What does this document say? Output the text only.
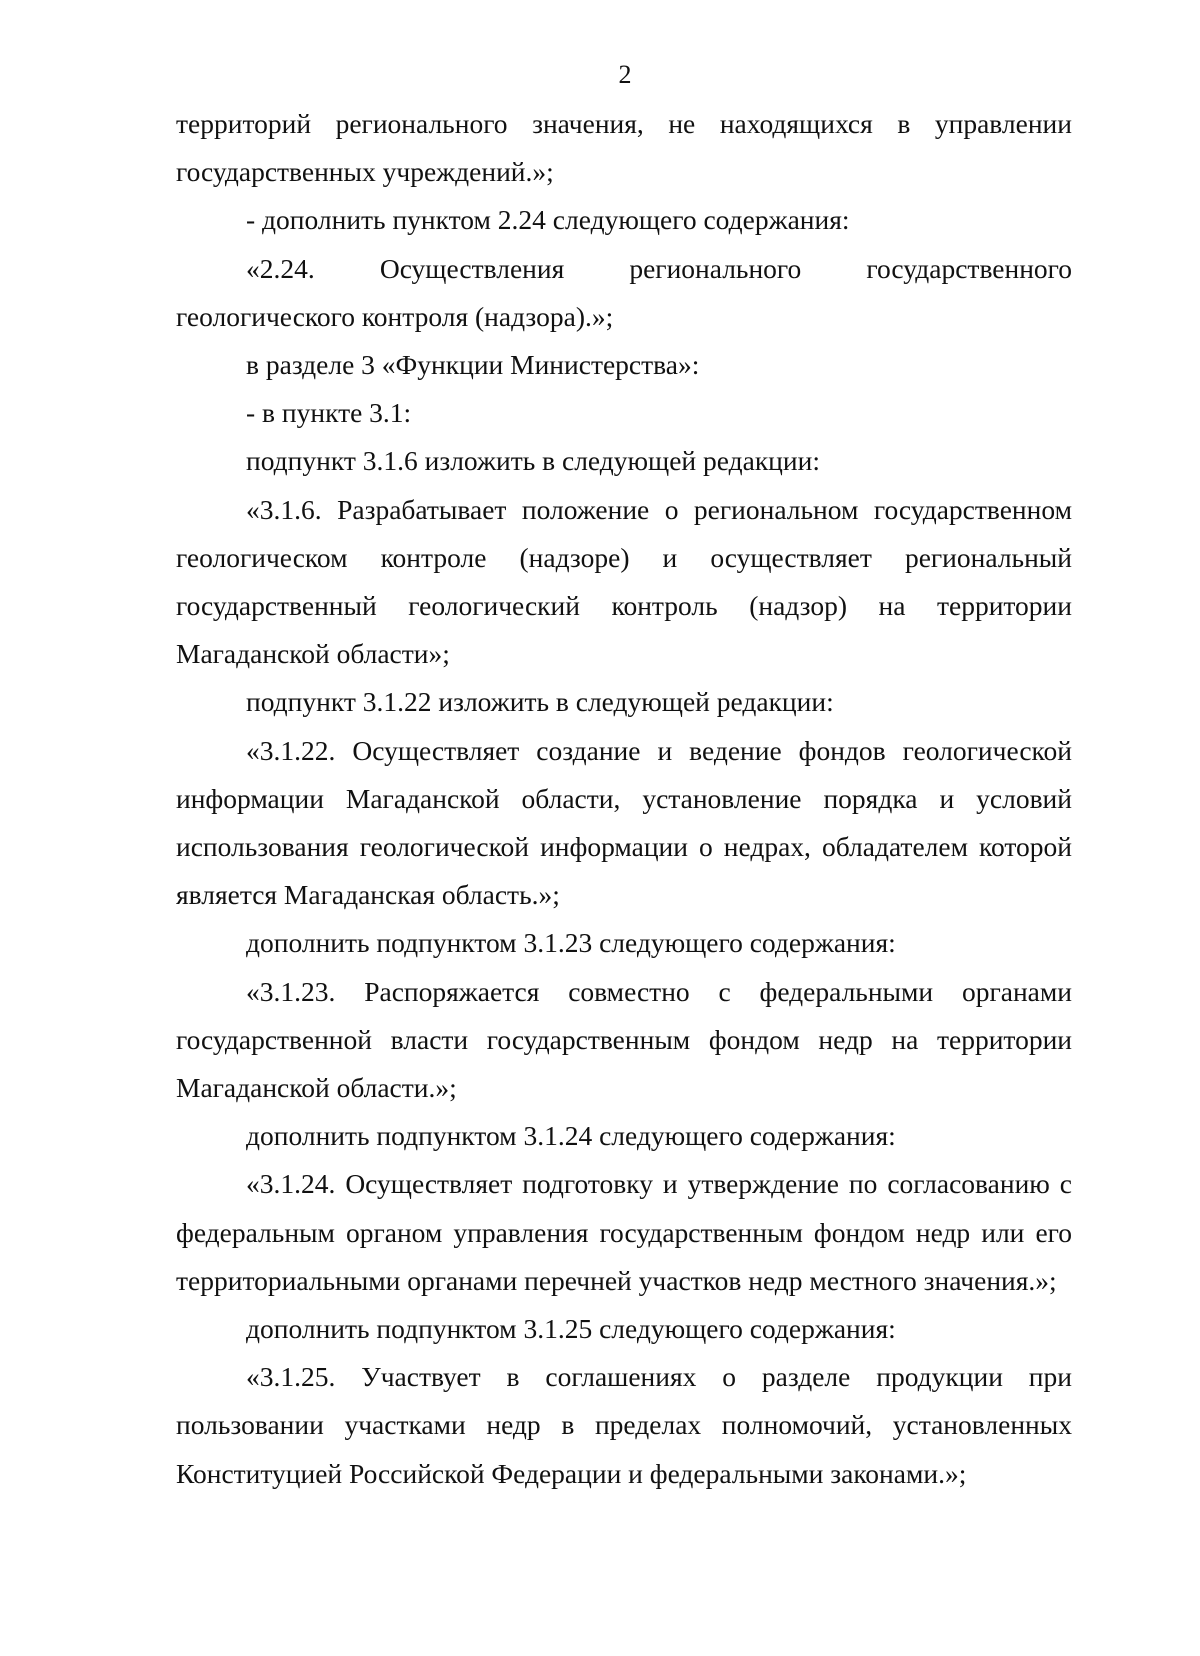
2

территорий регионального значения, не находящихся в управлении государственных учреждений.»;

- дополнить пунктом 2.24 следующего содержания:

«2.24. Осуществления регионального государственного геологического контроля (надзора).»;

в разделе 3 «Функции Министерства»:

- в пункте 3.1:

подпункт 3.1.6 изложить в следующей редакции:

«3.1.6. Разрабатывает положение о региональном государственном геологическом контроле (надзоре) и осуществляет региональный государственный геологический контроль (надзор) на территории Магаданской области»;

подпункт 3.1.22 изложить в следующей редакции:

«3.1.22. Осуществляет создание и ведение фондов геологической информации Магаданской области, установление порядка и условий использования геологической информации о недрах, обладателем которой является Магаданская область.»;

дополнить подпунктом 3.1.23 следующего содержания:

«3.1.23. Распоряжается совместно с федеральными органами государственной власти государственным фондом недр на территории Магаданской области.»;

дополнить подпунктом 3.1.24 следующего содержания:

«3.1.24. Осуществляет подготовку и утверждение по согласованию с федеральным органом управления государственным фондом недр или его территориальными органами перечней участков недр местного значения.»;

дополнить подпунктом 3.1.25 следующего содержания:

«3.1.25. Участвует в соглашениях о разделе продукции при пользовании участками недр в пределах полномочий, установленных Конституцией Российской Федерации и федеральными законами.»;
